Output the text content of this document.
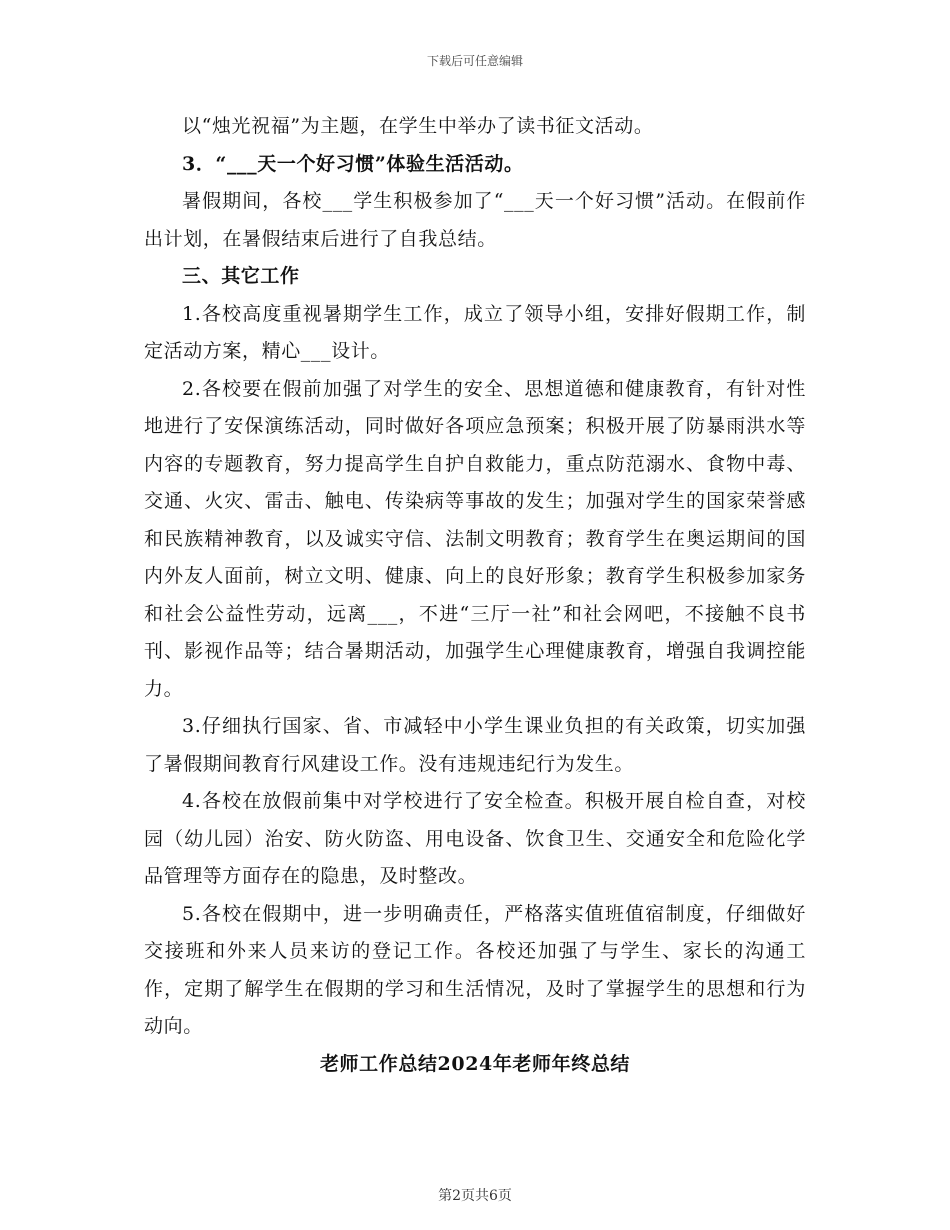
下载后可任意编辑

以“烛光祝福”为主题，在学生中举办了读书征文活动。

3．“___天一个好习惯”体验生活活动。

暑假期间，各校___学生积极参加了“___天一个好习惯”活动。在假前作出计划，在暑假结束后进行了自我总结。

三、其它工作

1.各校高度重视暑期学生工作，成立了领导小组，安排好假期工作，制定活动方案，精心___设计。

2.各校要在假前加强了对学生的安全、思想道德和健康教育，有针对性地进行了安保演练活动，同时做好各项应急预案；积极开展了防暴雨洪水等内容的专题教育，努力提高学生自护自救能力，重点防范溺水、食物中毒、交通、火灾、雷击、触电、传染病等事故的发生；加强对学生的国家荣誉感和民族精神教育，以及诚实守信、法制文明教育；教育学生在奥运期间的国内外友人面前，树立文明、健康、向上的良好形象；教育学生积极参加家务和社会公益性劳动，远离___，不进“三厅一社”和社会网吧，不接触不良书刊、影视作品等；结合暑期活动，加强学生心理健康教育，增强自我调控能力。

3.仔细执行国家、省、市减轻中小学生课业负担的有关政策，切实加强了暑假期间教育行风建设工作。没有违规违纪行为发生。

4.各校在放假前集中对学校进行了安全检查。积极开展自检自查，对校园（幼儿园）治安、防火防盗、用电设备、饮食卫生、交通安全和危险化学品管理等方面存在的隐患，及时整改。

5.各校在假期中，进一步明确责任，严格落实值班值宿制度，仔细做好交接班和外来人员来访的登记工作。各校还加强了与学生、家长的沟通工作，定期了解学生在假期的学习和生活情况，及时了掌握学生的思想和行为动向。

老师工作总结2024年老师年终总结

第2页共6页
